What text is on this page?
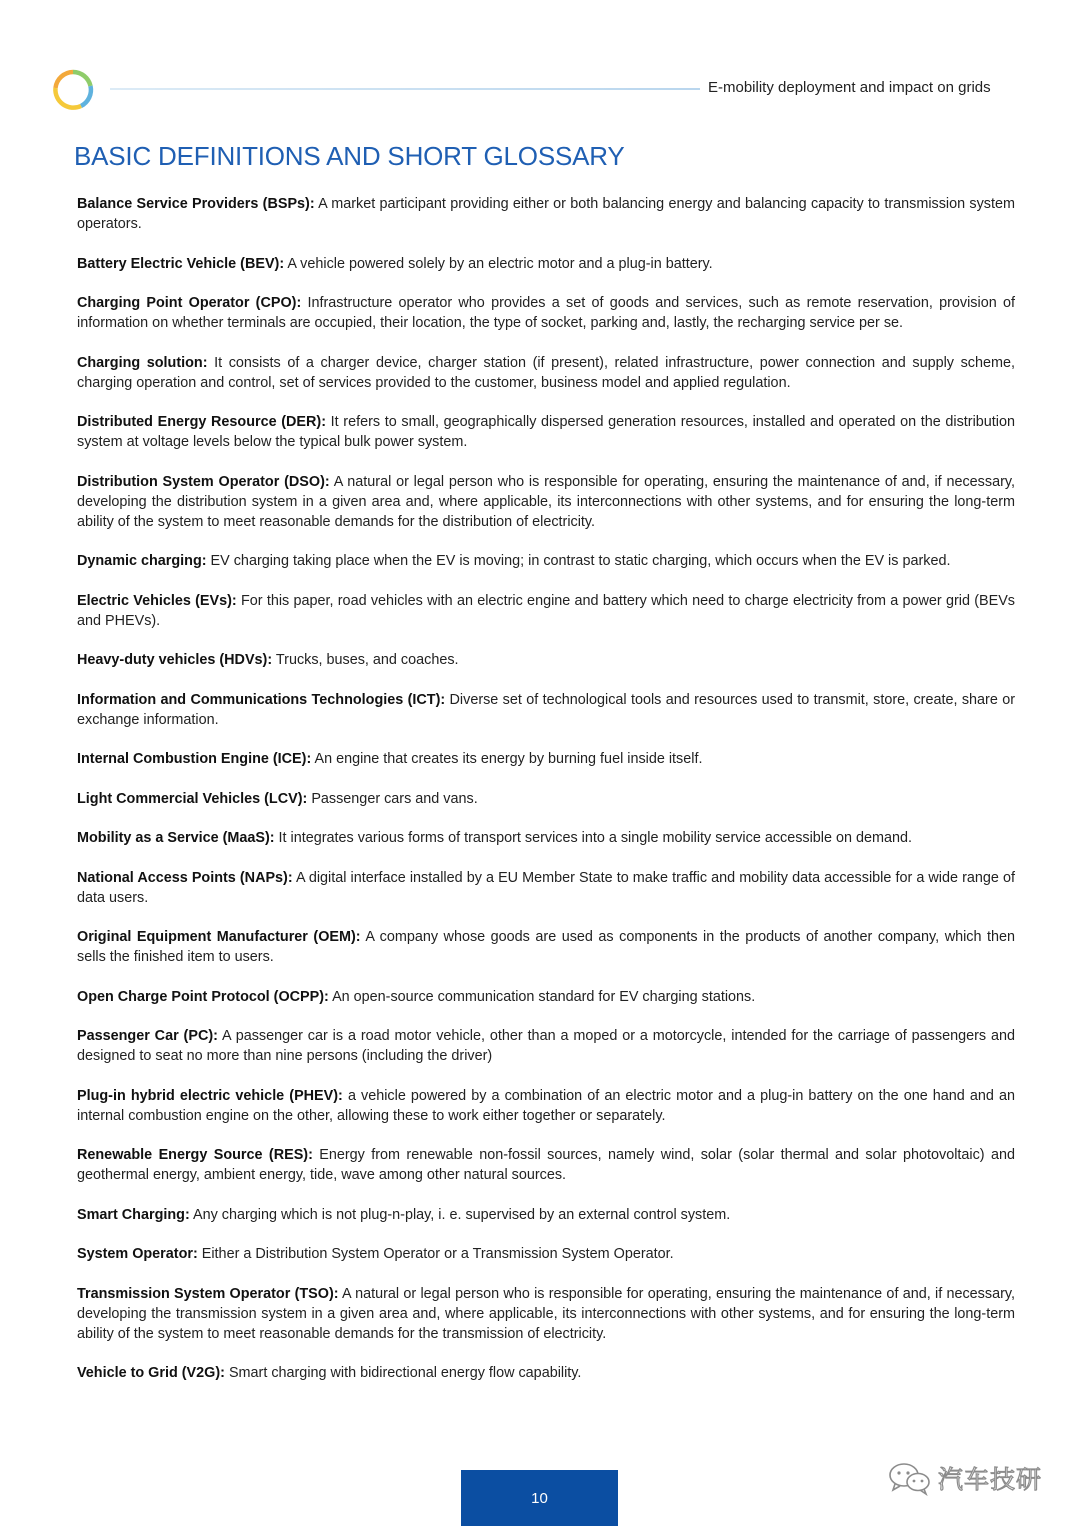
E-mobility deployment and impact on grids
BASIC DEFINITIONS AND SHORT GLOSSARY

Balance Service Providers (BSPs): A market participant providing either or both balancing energy and balancing capacity to transmission system operators.

Battery Electric Vehicle (BEV): A vehicle powered solely by an electric motor and a plug-in battery.

Charging Point Operator (CPO): Infrastructure operator who provides a set of goods and services, such as remote reservation, provision of information on whether terminals are occupied, their location, the type of socket, parking and, lastly, the recharging service per se.

Charging solution: It consists of a charger device, charger station (if present), related infrastructure, power connection and supply scheme, charging operation and control, set of services provided to the customer, business model and applied regulation.

Distributed Energy Resource (DER): It refers to small, geographically dispersed generation resources, installed and operated on the distribution system at voltage levels below the typical bulk power system.

Distribution System Operator (DSO): A natural or legal person who is responsible for operating, ensuring the maintenance of and, if necessary, developing the distribution system in a given area and, where applicable, its interconnections with other systems, and for ensuring the long-term ability of the system to meet reasonable demands for the distribution of electricity.

Dynamic charging: EV charging taking place when the EV is moving; in contrast to static charging, which occurs when the EV is parked.

Electric Vehicles (EVs): For this paper, road vehicles with an electric engine and battery which need to charge electricity from a power grid (BEVs and PHEVs).

Heavy-duty vehicles (HDVs): Trucks, buses, and coaches.

Information and Communications Technologies (ICT): Diverse set of technological tools and resources used to transmit, store, create, share or exchange information.

Internal Combustion Engine (ICE): An engine that creates its energy by burning fuel inside itself.

Light Commercial Vehicles (LCV): Passenger cars and vans.

Mobility as a Service (MaaS): It integrates various forms of transport services into a single mobility service accessible on demand.

National Access Points (NAPs): A digital interface installed by a EU Member State to make traffic and mobility data accessible for a wide range of data users.

Original Equipment Manufacturer (OEM): A company whose goods are used as components in the products of another company, which then sells the finished item to users.

Open Charge Point Protocol (OCPP): An open-source communication standard for EV charging stations.

Passenger Car (PC): A passenger car is a road motor vehicle, other than a moped or a motorcycle, intended for the carriage of passengers and designed to seat no more than nine persons (including the driver)

Plug-in hybrid electric vehicle (PHEV): a vehicle powered by a combination of an electric motor and a plug-in battery on the one hand and an internal combustion engine on the other, allowing these to work either together or separately.

Renewable Energy Source (RES): Energy from renewable non-fossil sources, namely wind, solar (solar thermal and solar photovoltaic) and geothermal energy, ambient energy, tide, wave among other natural sources.

Smart Charging: Any charging which is not plug-n-play, i. e. supervised by an external control system.

System Operator: Either a Distribution System Operator or a Transmission System Operator.

Transmission System Operator (TSO): A natural or legal person who is responsible for operating, ensuring the maintenance of and, if necessary, developing the transmission system in a given area and, where applicable, its interconnections with other systems, and for ensuring the long-term ability of the system to meet reasonable demands for the transmission of electricity.

Vehicle to Grid (V2G): Smart charging with bidirectional energy flow capability.

10
汽车技研
